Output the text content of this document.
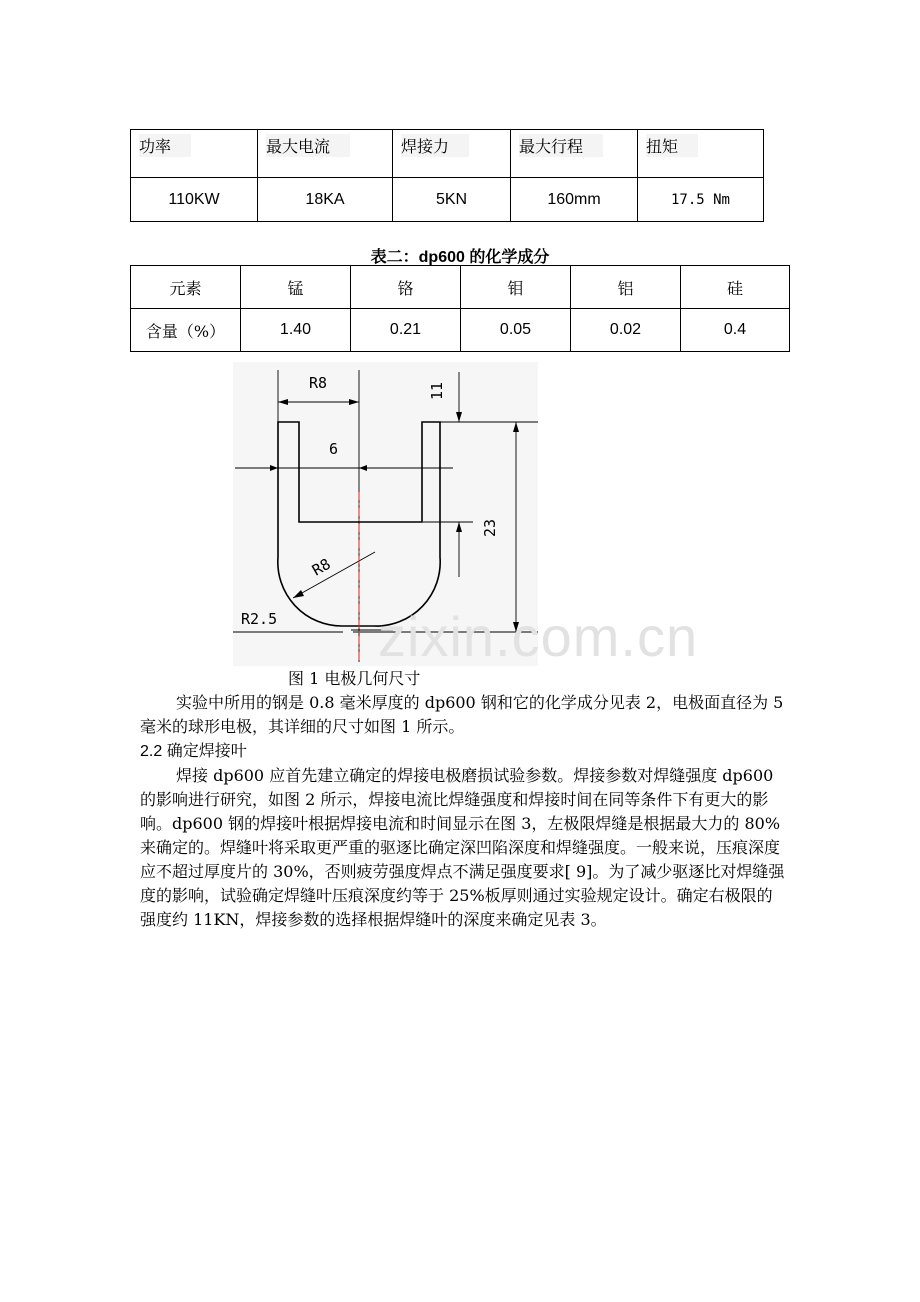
功率	最大电流	焊接力	最大行程	扭矩
110KW	18KA	5KN	160mm	17.5 Nm
表二：dp600 的化学成分
元素	锰	铬	钼	铝	硅
含量（%）	1.40	0.21	0.05	0.02	0.4
R8
6
11
23
R8
R2.5 zixin.com.cn
图 1 电极几何尺寸

实验中所用的钢是 0.8 毫米厚度的 dp600 钢和它的化学成分见表 2，电极面直径为 5 毫米的球形电极，其详细的尺寸如图 1 所示。

2.2 确定焊接叶

焊接 dp600 应首先建立确定的焊接电极磨损试验参数。焊接参数对焊缝强度 dp600 的影响进行研究，如图 2 所示，焊接电流比焊缝强度和焊接时间在同等条件下有更大的影响。dp600 钢的焊接叶根据焊接电流和时间显示在图 3，左极限焊缝是根据最大力的 80%来确定的。焊缝叶将采取更严重的驱逐比确定深凹陷深度和焊缝强度。一般来说，压痕深度应不超过厚度片的 30%，否则疲劳强度焊点不满足强度要求[ 9]。为了减少驱逐比对焊缝强度的影响，试验确定焊缝叶压痕深度约等于 25%板厚则通过实验规定设计。确定右极限的强度约 11KN，焊接参数的选择根据焊缝叶的深度来确定见表 3。
